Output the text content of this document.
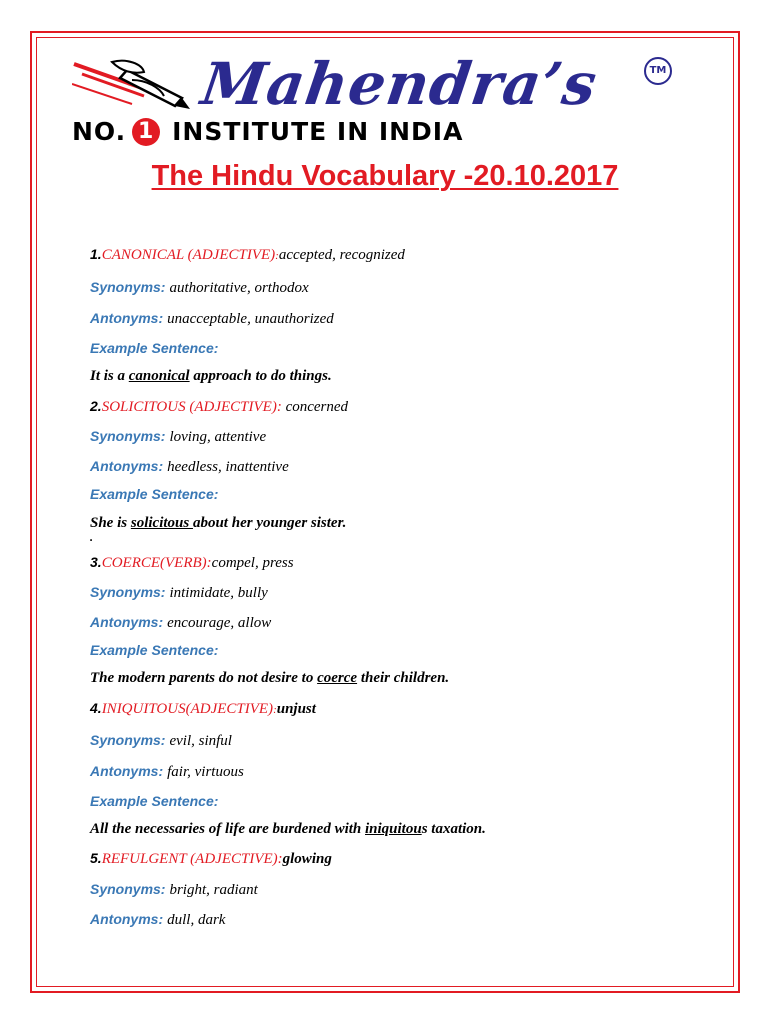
Mahendra’s	TM
NO. 1 INSTITUTE IN INDIA
The Hindu Vocabulary -20.10.2017
1.CANONICAL (ADJECTIVE):accepted, recognized
Synonyms: authoritative, orthodox
Antonyms: unacceptable, unauthorized
Example Sentence:
It is a canonical approach to do things.
2.SOLICITOUS (ADJECTIVE): concerned
Synonyms: loving, attentive
Antonyms: heedless, inattentive
Example Sentence:
She is solicitous about her younger sister.
.
3.COERCE(VERB):compel, press
Synonyms: intimidate, bully
Antonyms: encourage, allow
Example Sentence:
The modern parents do not desire to coerce their children.
4.INIQUITOUS(ADJECTIVE):unjust
Synonyms: evil, sinful
Antonyms: fair, virtuous
Example Sentence:
All the necessaries of life are burdened with iniquitous taxation.
5.REFULGENT (ADJECTIVE):glowing
Synonyms: bright, radiant
Antonyms: dull, dark
